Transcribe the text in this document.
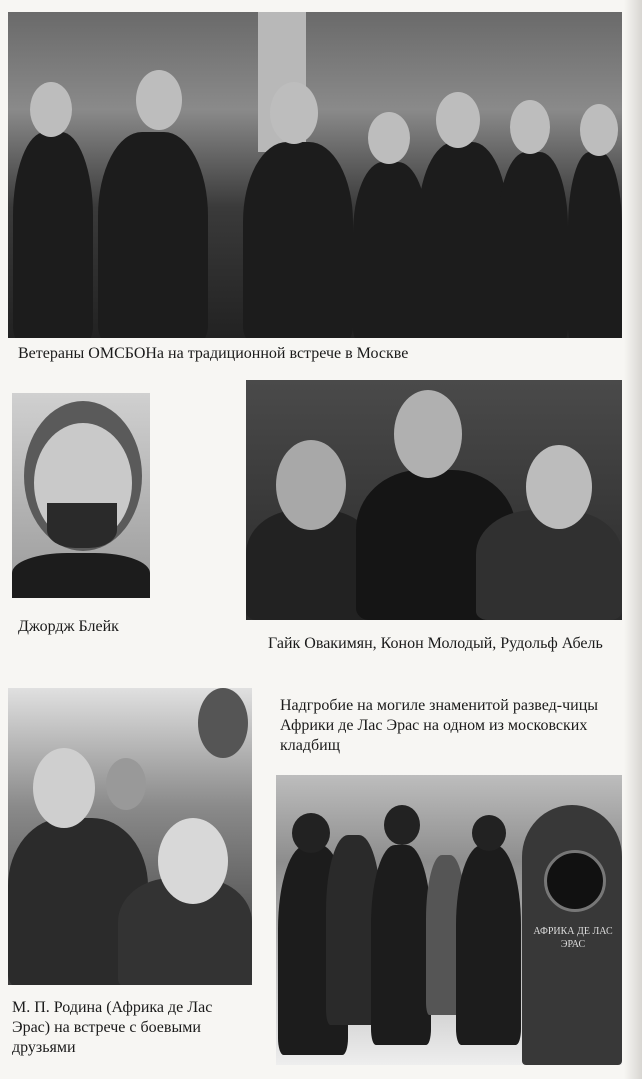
Ветераны ОМСБОНа на традиционной встрече в Москве

Джордж Блейк

Гайк Овакимян, Конон Молодый, Рудольф Абель

М. П. Родина (Африка де Лас Эрас) на встрече с боевыми друзьями

Надгробие на могиле знаменитой развед-чицы Африки де Лас Эрас на одном из московских кладбищ

АФРИКА ДЕ ЛАС ЭРАС
